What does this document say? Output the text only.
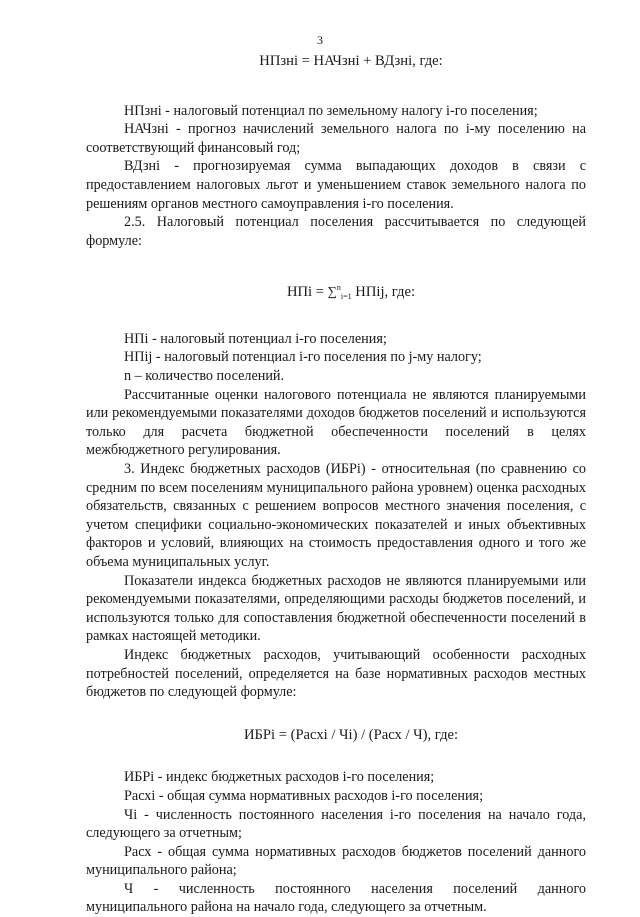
3

НПзнi = НАЧзнi + ВДзнi, где:

НПзнi - налоговый потенциал по земельному налогу i-го поселения;

НАЧзнi - прогноз начислений земельного налога по i-му поселению на соответствующий финансовый год;

ВДзнi - прогнозируемая сумма выпадающих доходов в связи с предоставлением налоговых льгот и уменьшением ставок земельного налога по решениям органов местного самоуправления i-го поселения.

2.5. Налоговый потенциал поселения рассчитывается по следующей формуле:

НПi = ∑$^n_{i=1}$ НПij, где:

НПi - налоговый потенциал i-го поселения;

НПij - налоговый потенциал i-го поселения по j-му налогу;

n – количество поселений.

Рассчитанные оценки налогового потенциала не являются планируемыми или рекомендуемыми показателями доходов бюджетов поселений и используются только для расчета бюджетной обеспеченности поселений в целях межбюджетного регулирования.

3. Индекс бюджетных расходов (ИБРi) - относительная (по сравнению со средним по всем поселениям муниципального района уровнем) оценка расходных обязательств, связанных с решением вопросов местного значения поселения, с учетом специфики социально-экономических показателей и иных объективных факторов и условий, влияющих на стоимость предоставления одного и того же объема муниципальных услуг.

Показатели индекса бюджетных расходов не являются планируемыми или рекомендуемыми показателями, определяющими расходы бюджетов поселений, и используются только для сопоставления бюджетной обеспеченности поселений в рамках настоящей методики.

Индекс бюджетных расходов, учитывающий особенности расходных потребностей поселений, определяется на базе нормативных расходов местных бюджетов по следующей формуле:

ИБРi = (Расхi / Чi) / (Расх / Ч), где:

ИБРi - индекс бюджетных расходов i-го поселения;

Расхi - общая сумма нормативных расходов i-го поселения;

Чi - численность постоянного населения i-го поселения на начало года, следующего за отчетным;

Расх - общая сумма нормативных расходов бюджетов поселений данного муниципального района;

Ч - численность постоянного населения поселений данного муниципального района на начало года, следующего за отчетным.
